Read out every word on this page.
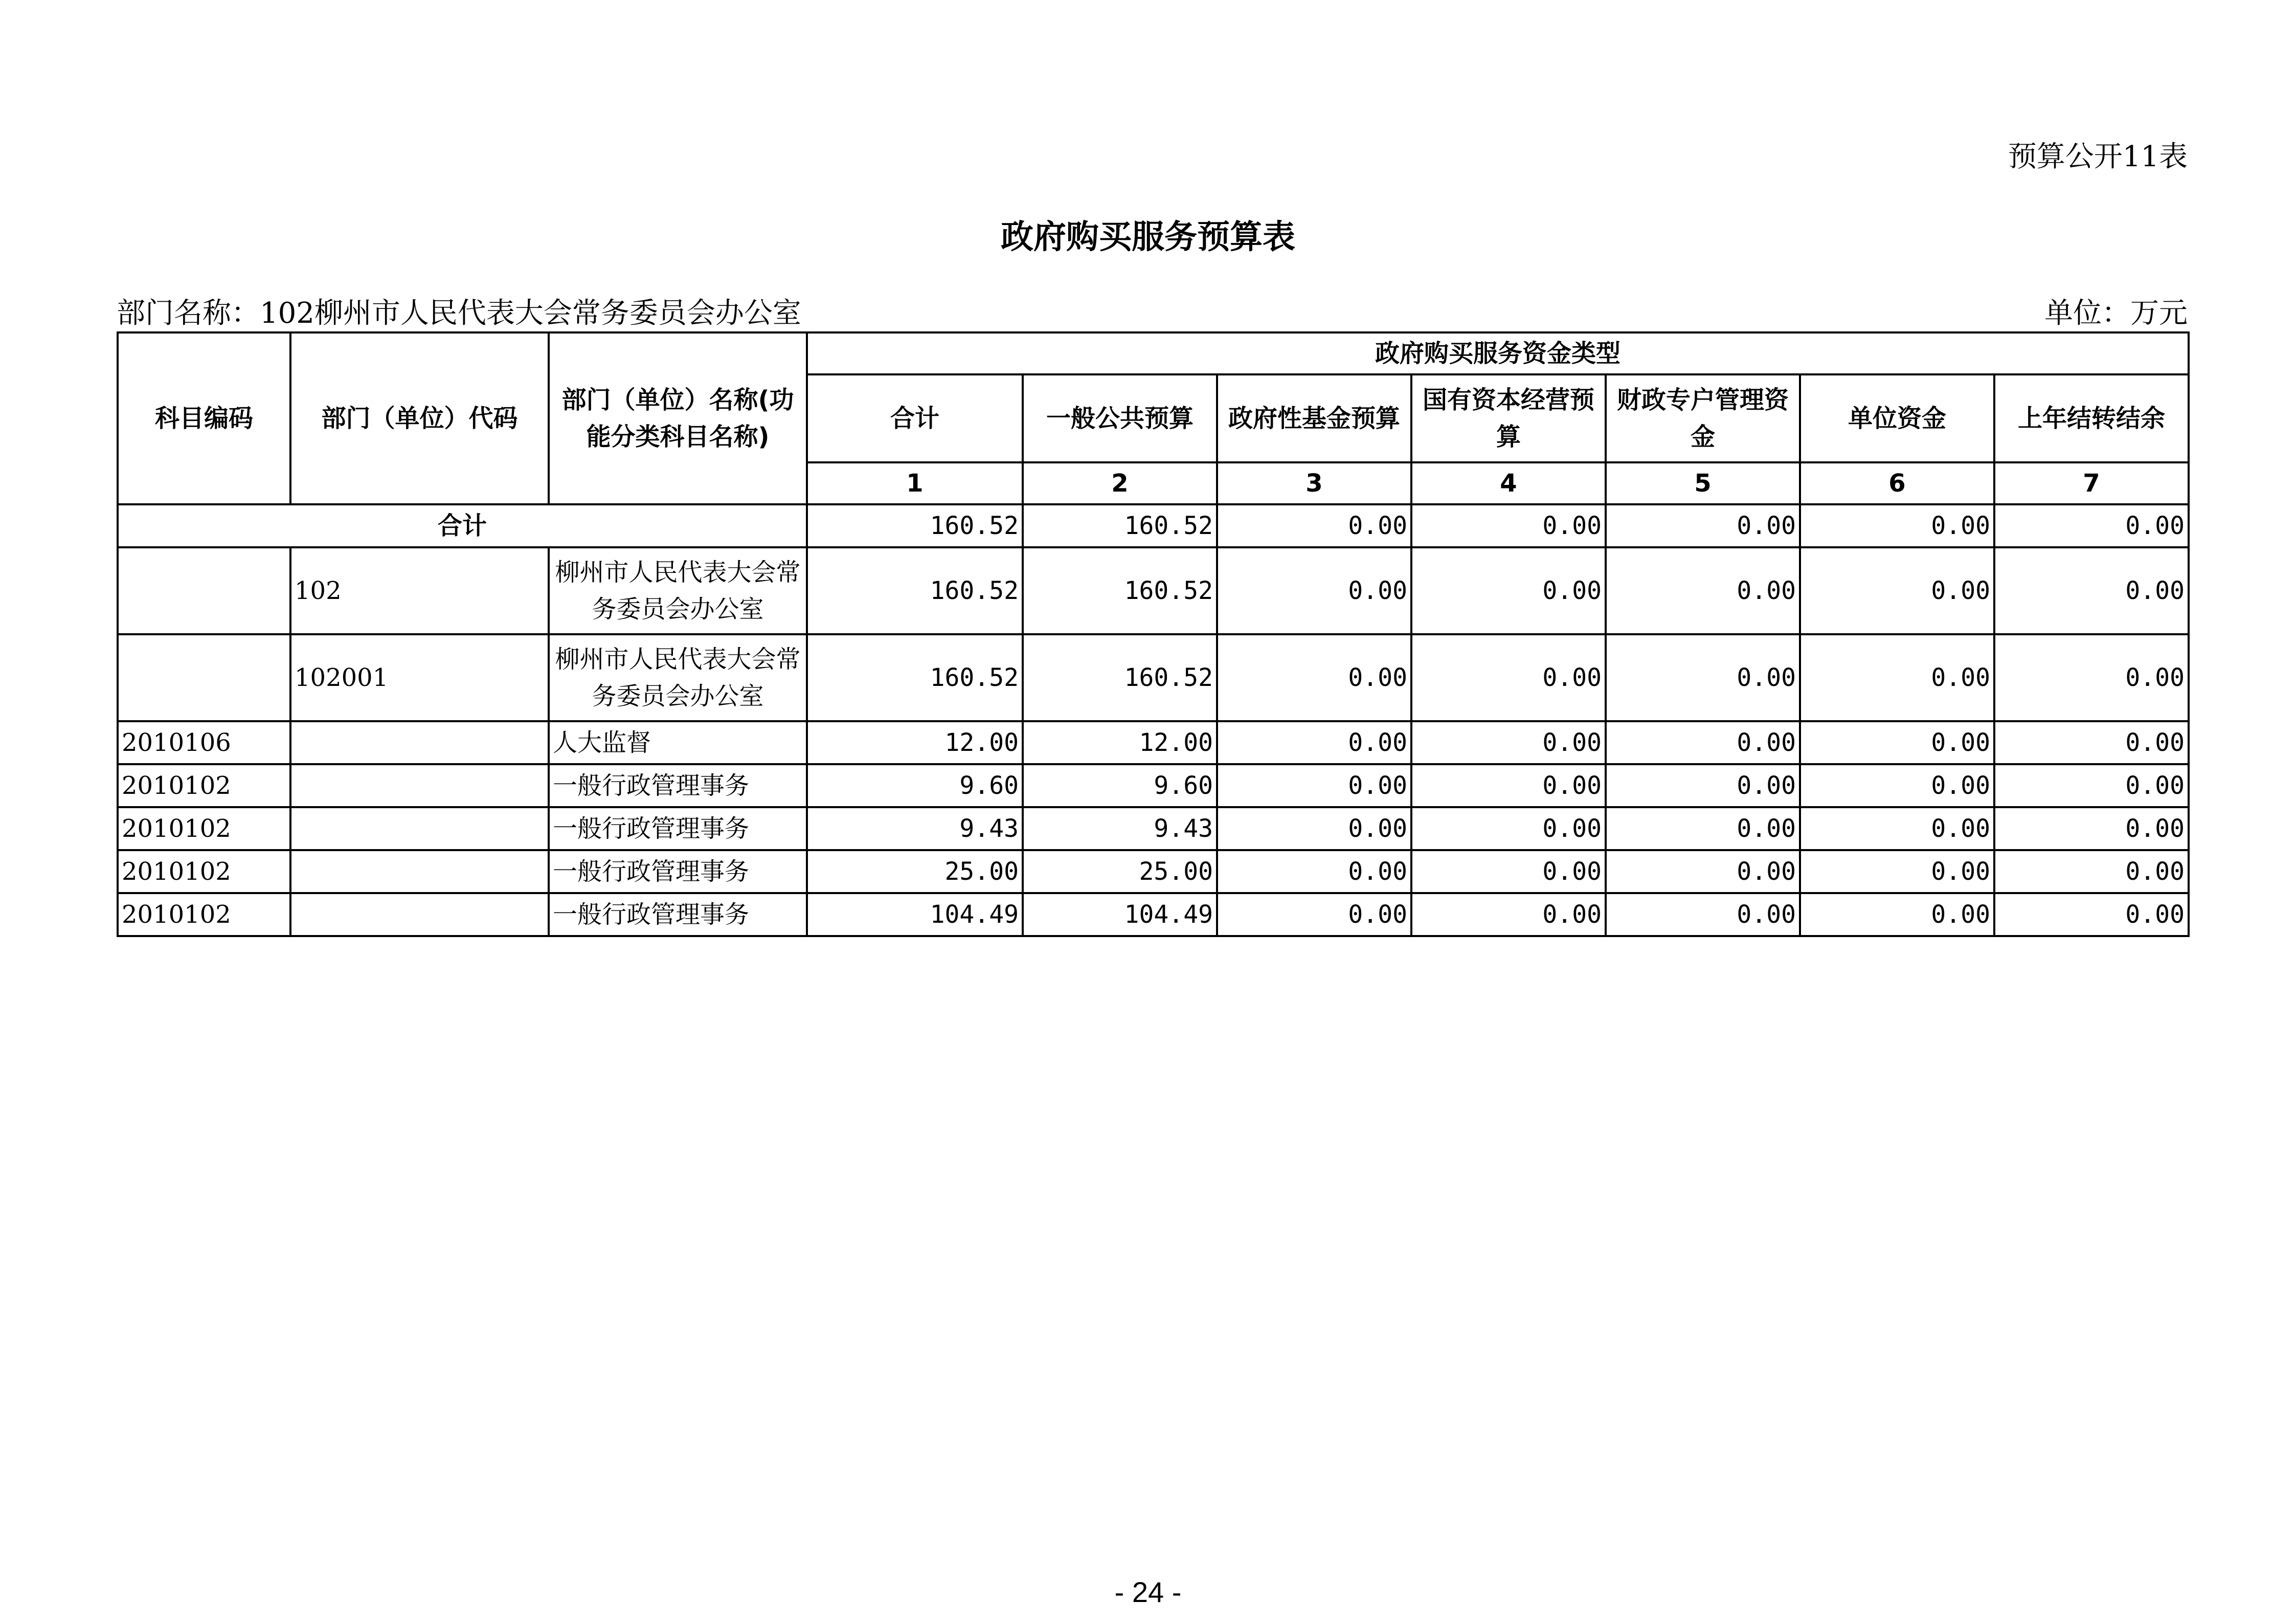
预算公开11表
政府购买服务预算表
部门名称：102柳州市人民代表大会常务委员会办公室	单位：万元
科目编码	部门（单位）代码	部门（单位）名称(功能分类科目名称)	政府购买服务资金类型						
			合计	一般公共预算	政府性基金预算	国有资本经营预算	财政专户管理资金	单位资金	上年结转结余
			1	2	3	4	5	6	7
合计			160.52	160.52	0.00	0.00	0.00	0.00	0.00
	102	柳州市人民代表大会常务委员会办公室	160.52	160.52	0.00	0.00	0.00	0.00	0.00
	102001	柳州市人民代表大会常务委员会办公室	160.52	160.52	0.00	0.00	0.00	0.00	0.00
2010106		人大监督	12.00	12.00	0.00	0.00	0.00	0.00	0.00
2010102		一般行政管理事务	9.60	9.60	0.00	0.00	0.00	0.00	0.00
2010102		一般行政管理事务	9.43	9.43	0.00	0.00	0.00	0.00	0.00
2010102		一般行政管理事务	25.00	25.00	0.00	0.00	0.00	0.00	0.00
2010102		一般行政管理事务	104.49	104.49	0.00	0.00	0.00	0.00	0.00
- 24 -
